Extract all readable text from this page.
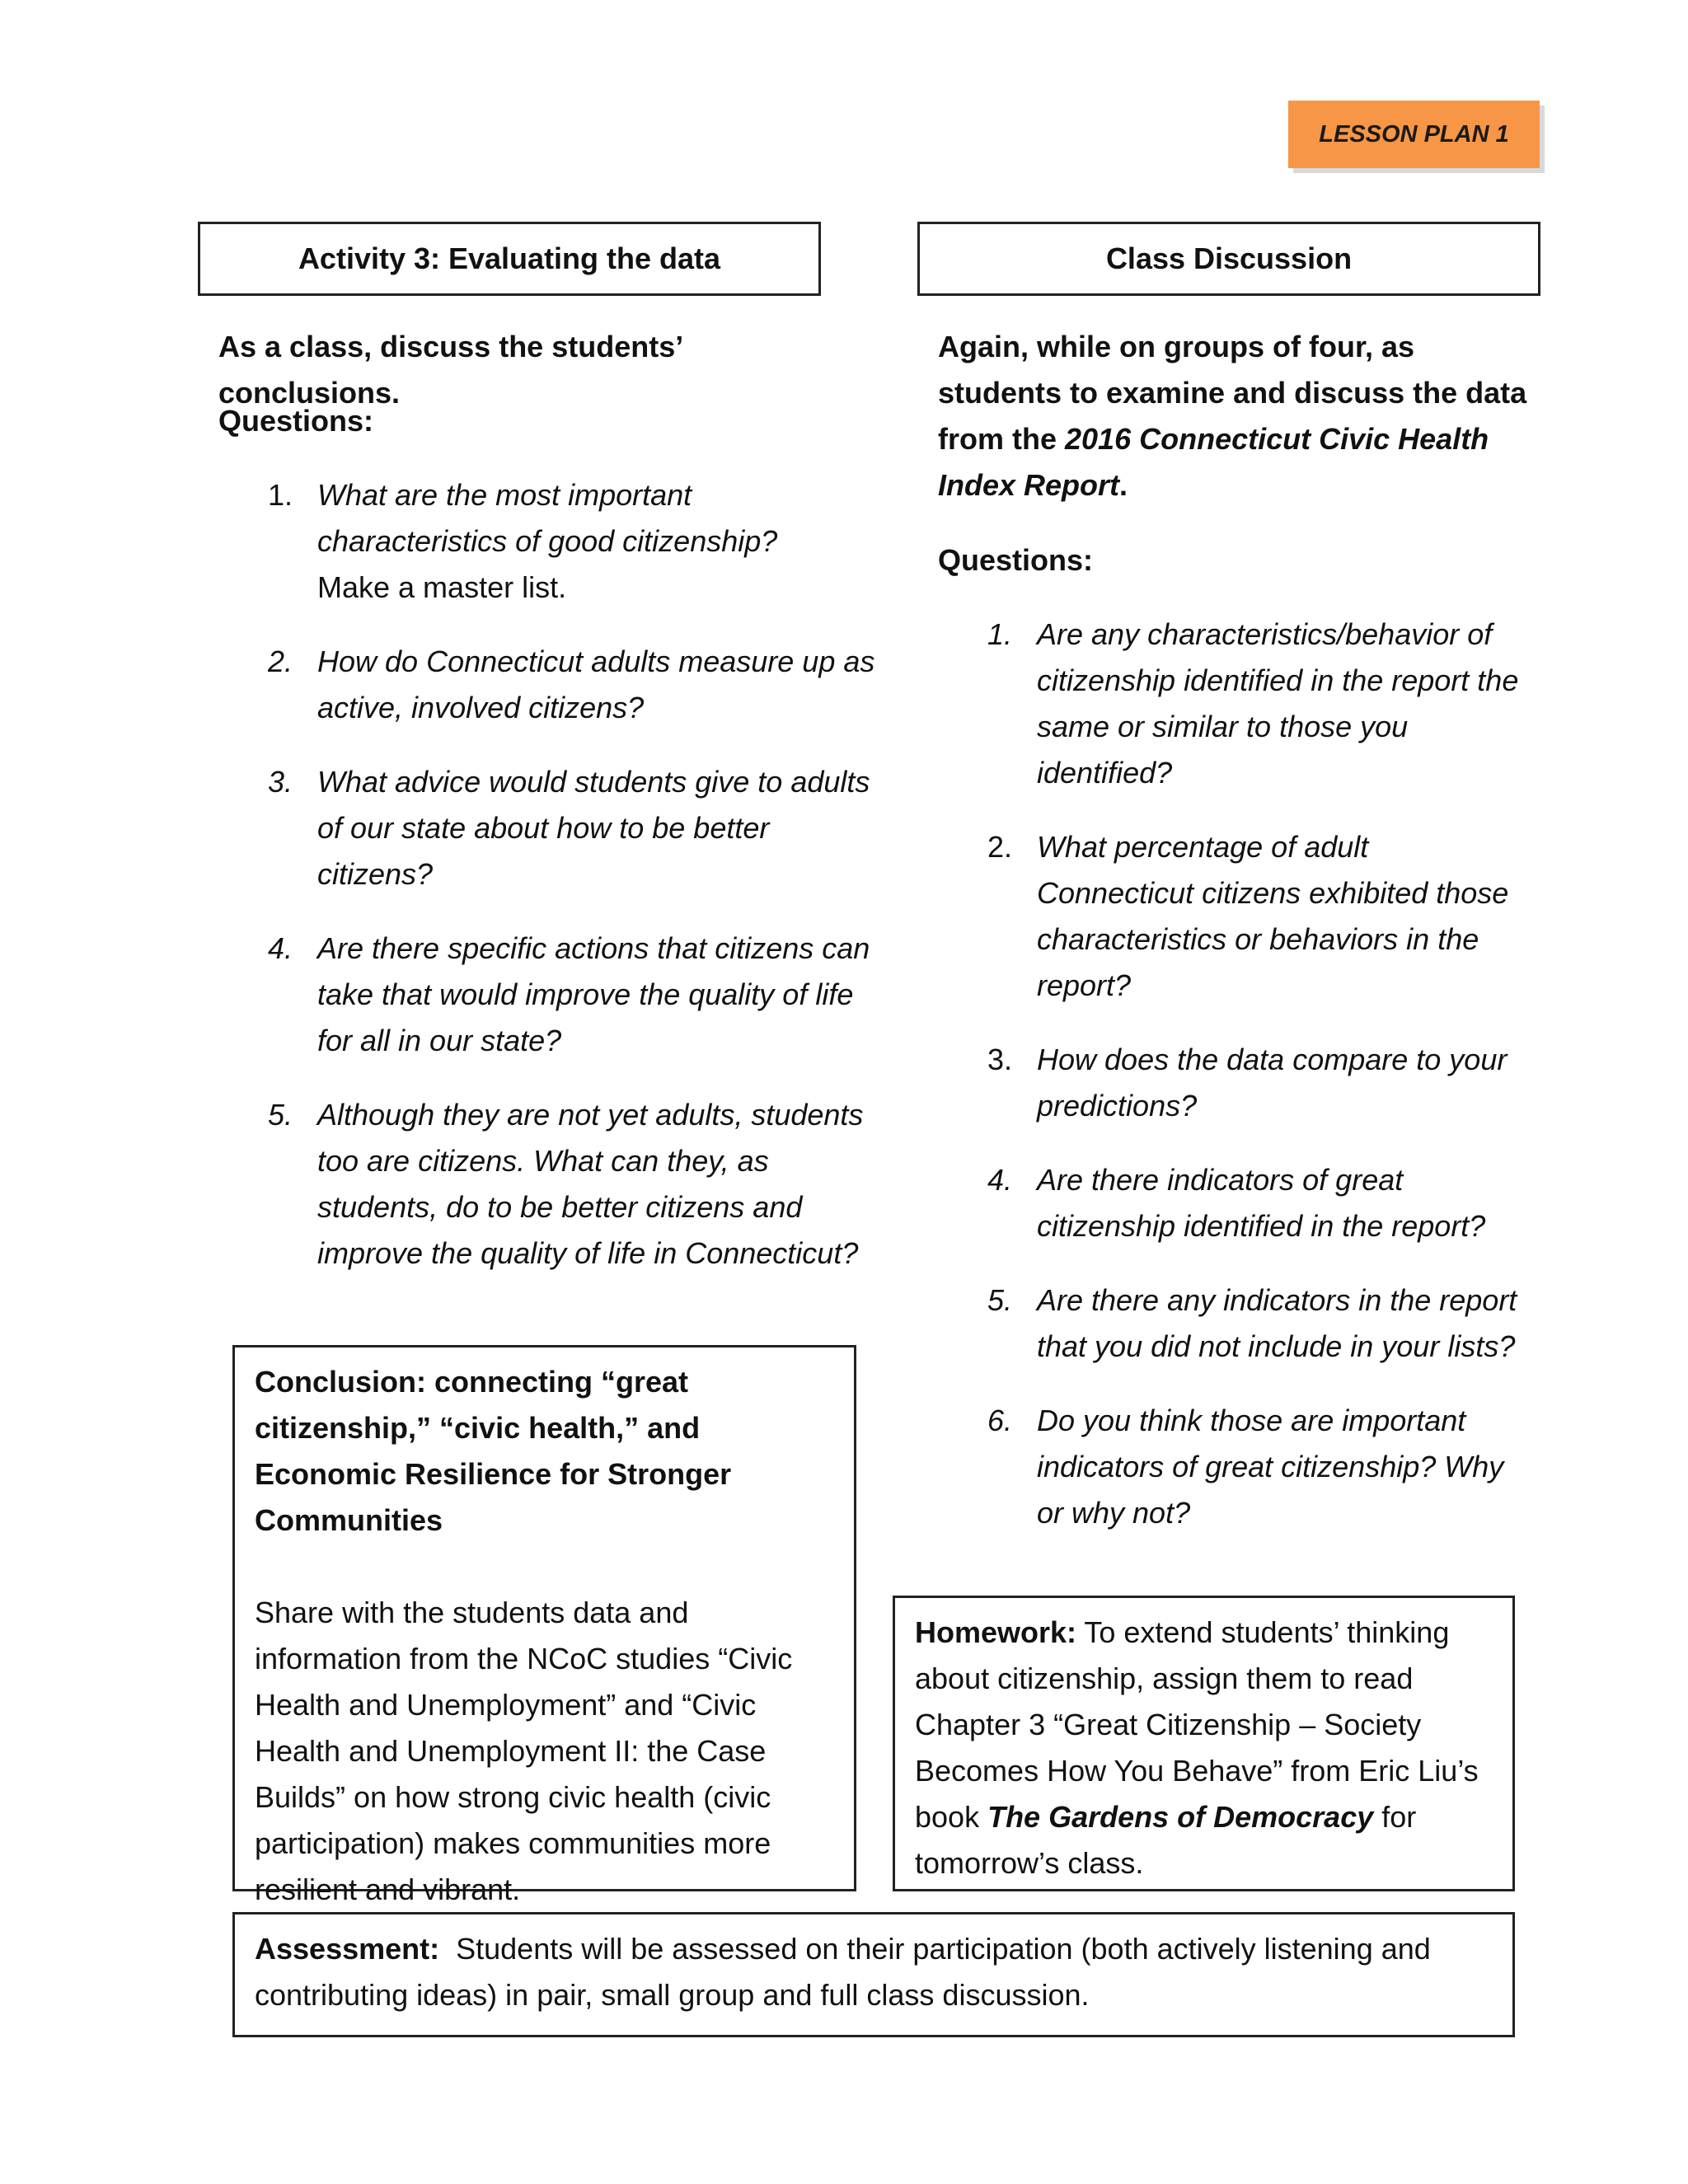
LESSON PLAN 1
Activity 3: Evaluating the data	Class Discussion
As a class, discuss the students’ conclusions.
Questions:
1. What are the most important characteristics of good citizenship?
Make a master list.
2. How do Connecticut adults measure up as active, involved citizens?
3. What advice would students give to adults of our state about how to be better citizens?
4. Are there specific actions that citizens can take that would improve the quality of life for all in our state?
5. Although they are not yet adults, students too are citizens. What can they, as students, do to be better citizens and improve the quality of life in Connecticut?
Again, while on groups of four, as students to examine and discuss the data from the 2016 Connecticut Civic Health Index Report.
Questions:
1. Are any characteristics/behavior of citizenship identified in the report the same or similar to those you identified?
2. What percentage of adult Connecticut citizens exhibited those characteristics or behaviors in the report?
3. How does the data compare to your predictions?
4. Are there indicators of great citizenship identified in the report?
5. Are there any indicators in the report that you did not include in your lists?
6. Do you think those are important indicators of great citizenship? Why or why not?
Conclusion: connecting “great citizenship,” “civic health,” and Economic Resilience for Stronger Communities
Share with the students data and information from the NCoC studies “Civic Health and Unemployment” and “Civic Health and Unemployment II: the Case Builds” on how strong civic health (civic participation) makes communities more resilient and vibrant.
Homework: To extend students’ thinking about citizenship, assign them to read Chapter 3 “Great Citizenship – Society Becomes How You Behave” from Eric Liu’s book The Gardens of Democracy for tomorrow’s class.
Assessment:  Students will be assessed on their participation (both actively listening and contributing ideas) in pair, small group and full class discussion.
